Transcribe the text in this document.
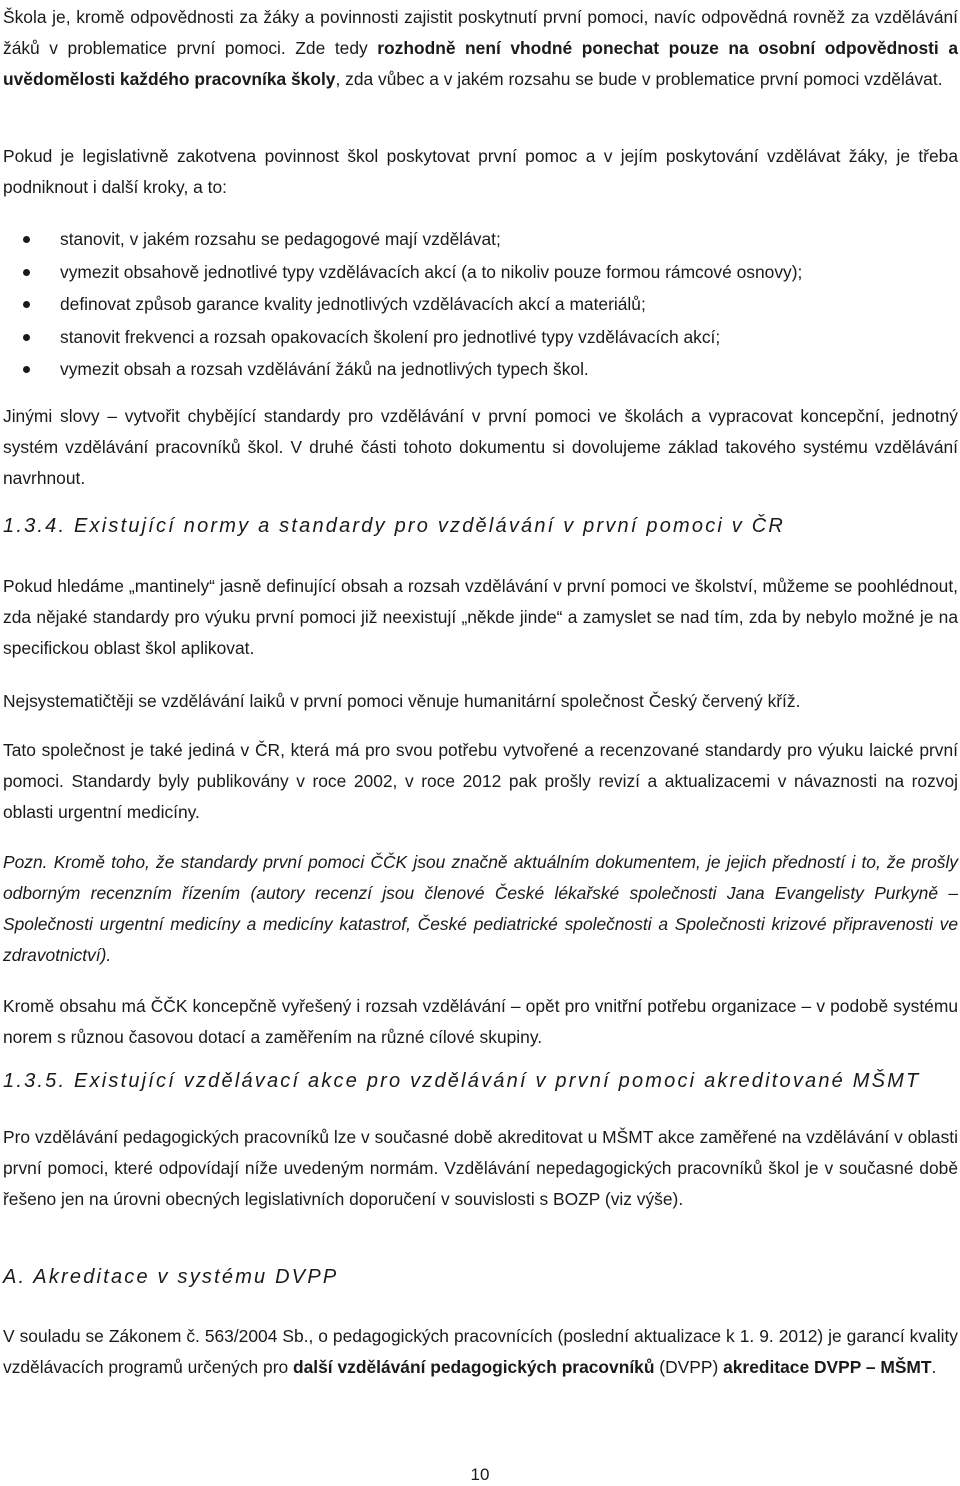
Škola je, kromě odpovědnosti za žáky a povinnosti zajistit poskytnutí první pomoci, navíc odpovědná rovněž za vzdělávání žáků v problematice první pomoci. Zde tedy rozhodně není vhodné ponechat pouze na osobní odpovědnosti a uvědomělosti každého pracovníka školy, zda vůbec a v jakém rozsahu se bude v problematice první pomoci vzdělávat.

Pokud je legislativně zakotvena povinnost škol poskytovat první pomoc a v jejím poskytování vzdělávat žáky, je třeba podniknout i další kroky, a to:

stanovit, v jakém rozsahu se pedagogové mají vzdělávat;
vymezit obsahově jednotlivé typy vzdělávacích akcí (a to nikoliv pouze formou rámcové osnovy);
definovat způsob garance kvality jednotlivých vzdělávacích akcí a materiálů;
stanovit frekvenci a rozsah opakovacích školení pro jednotlivé typy vzdělávacích akcí;
vymezit obsah a rozsah vzdělávání žáků na jednotlivých typech škol.

Jinými slovy – vytvořit chybějící standardy pro vzdělávání v první pomoci ve školách a vypracovat koncepční, jednotný systém vzdělávání pracovníků škol. V druhé části tohoto dokumentu si dovolujeme základ takového systému vzdělávání navrhnout.

1.3.4. Existující normy a standardy pro vzdělávání v první pomoci v ČR

Pokud hledáme „mantinely“ jasně definující obsah a rozsah vzdělávání v první pomoci ve školství, můžeme se poohlédnout, zda nějaké standardy pro výuku první pomoci již neexistují „někde jinde“ a zamyslet se nad tím, zda by nebylo možné je na specifickou oblast škol aplikovat.

Nejsystematičtěji se vzdělávání laiků v první pomoci věnuje humanitární společnost Český červený kříž.

Tato společnost je také jediná v ČR, která má pro svou potřebu vytvořené a recenzované standardy pro výuku laické první pomoci. Standardy byly publikovány v roce 2002, v roce 2012 pak prošly revizí a aktualizacemi v návaznosti na rozvoj oblasti urgentní medicíny.

Pozn. Kromě toho, že standardy první pomoci ČČK jsou značně aktuálním dokumentem, je jejich předností i to, že prošly odborným recenzním řízením (autory recenzí jsou členové České lékařské společnosti Jana Evangelisty Purkyně – Společnosti urgentní medicíny a medicíny katastrof, České pediatrické společnosti a Společnosti krizové připravenosti ve zdravotnictví).

Kromě obsahu má ČČK koncepčně vyřešený i rozsah vzdělávání – opět pro vnitřní potřebu organizace – v podobě systému norem s různou časovou dotací a zaměřením na různé cílové skupiny.

1.3.5. Existující vzdělávací akce pro vzdělávání v první pomoci akreditované MŠMT

Pro vzdělávání pedagogických pracovníků lze v současné době akreditovat u MŠMT akce zaměřené na vzdělávání v oblasti první pomoci, které odpovídají níže uvedeným normám. Vzdělávání nepedagogických pracovníků škol je v současné době řešeno jen na úrovni obecných legislativních doporučení v souvislosti s BOZP (viz výše).

A. Akreditace v systému DVPP

V souladu se Zákonem č. 563/2004 Sb., o pedagogických pracovnících (poslední aktualizace k 1. 9. 2012) je garancí kvality vzdělávacích programů určených pro další vzdělávání pedagogických pracovníků (DVPP) akreditace DVPP – MŠMT.

10
